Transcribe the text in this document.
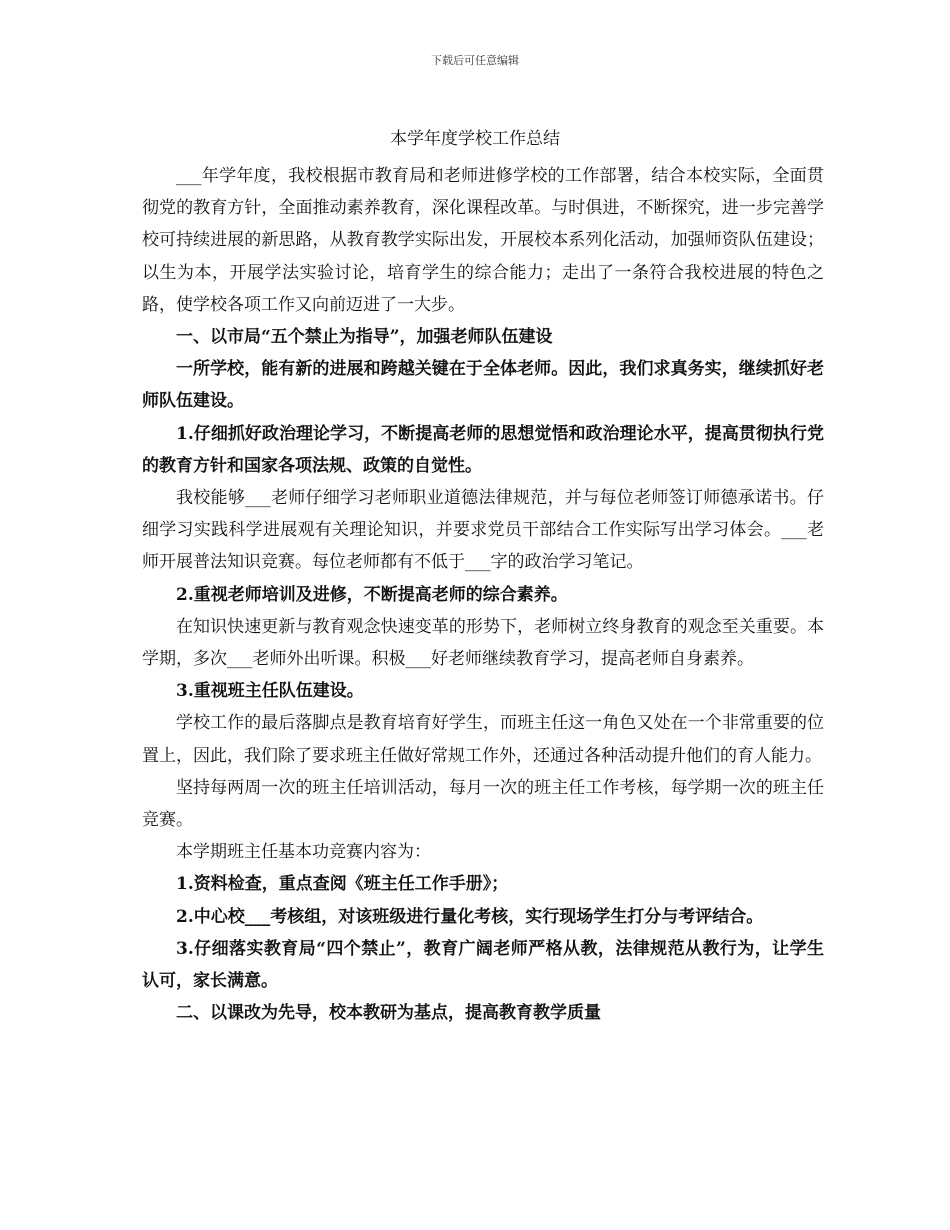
下载后可任意编辑
本学年度学校工作总结

___年学年度，我校根据市教育局和老师进修学校的工作部署，结合本校实际，全面贯彻党的教育方针，全面推动素养教育，深化课程改革。与时俱进，不断探究，进一步完善学校可持续进展的新思路，从教育教学实际出发，开展校本系列化活动，加强师资队伍建设；以生为本，开展学法实验讨论，培育学生的综合能力；走出了一条符合我校进展的特色之路，使学校各项工作又向前迈进了一大步。

一、以市局“五个禁止为指导”，加强老师队伍建设

一所学校，能有新的进展和跨越关键在于全体老师。因此，我们求真务实，继续抓好老师队伍建设。

1.仔细抓好政治理论学习，不断提高老师的思想觉悟和政治理论水平，提高贯彻执行党的教育方针和国家各项法规、政策的自觉性。

我校能够___老师仔细学习老师职业道德法律规范，并与每位老师签订师德承诺书。仔细学习实践科学进展观有关理论知识，并要求党员干部结合工作实际写出学习体会。___老师开展普法知识竞赛。每位老师都有不低于___字的政治学习笔记。

2.重视老师培训及进修，不断提高老师的综合素养。

在知识快速更新与教育观念快速变革的形势下，老师树立终身教育的观念至关重要。本学期，多次___老师外出听课。积极___好老师继续教育学习，提高老师自身素养。

3.重视班主任队伍建设。

学校工作的最后落脚点是教育培育好学生，而班主任这一角色又处在一个非常重要的位置上，因此，我们除了要求班主任做好常规工作外，还通过各种活动提升他们的育人能力。

坚持每两周一次的班主任培训活动，每月一次的班主任工作考核，每学期一次的班主任竞赛。

本学期班主任基本功竞赛内容为：

1.资料检查，重点查阅《班主任工作手册》；

2.中心校___考核组，对该班级进行量化考核，实行现场学生打分与考评结合。

3.仔细落实教育局“四个禁止”，教育广阔老师严格从教，法律规范从教行为，让学生认可，家长满意。

二、以课改为先导，校本教研为基点，提高教育教学质量
